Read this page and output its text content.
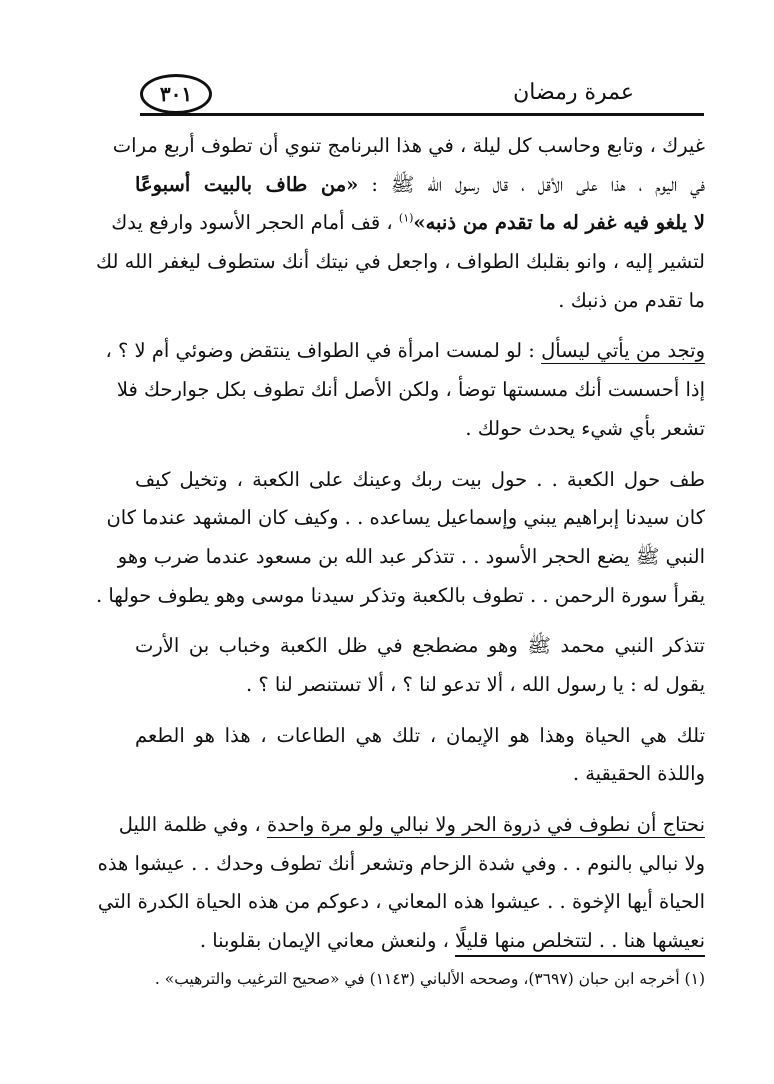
عمرة رمضان
٣٠١
غيرك ، وتابع وحاسب كل ليلة ، في هذا البرنامج تنوي أن تطوف أربع مرات
في اليوم ، هذا على الأقل ، قال رسول الله ﷺ : «من طاف بالبيت أسبوعًا
لا يلغو فيه غفر له ما تقدم من ذنبه»$^{(١)}$ ، قف أمام الحجر الأسود وارفع يدك
لتشير إليه ، وانو بقلبك الطواف ، واجعل في نيتك أنك ستطوف ليغفر الله لك
ما تقدم من ذنبك .
وتجد من يأتي ليسأل : لو لمست امرأة في الطواف ينتقض وضوئي أم لا ؟ ،
إذا أحسست أنك مسستها توضأ ، ولكن الأصل أنك تطوف بكل جوارحك فلا
تشعر بأي شيء يحدث حولك .
طف حول الكعبة . . حول بيت ربك وعينك على الكعبة ، وتخيل كيف
كان سيدنا إبراهيم يبني وإسماعيل يساعده . . وكيف كان المشهد عندما كان
النبي ﷺ يضع الحجر الأسود . . تتذكر عبد الله بن مسعود عندما ضرب وهو
يقرأ سورة الرحمن . . تطوف بالكعبة وتذكر سيدنا موسى وهو يطوف حولها .
تتذكر النبي محمد ﷺ وهو مضطجع في ظل الكعبة وخباب بن الأرت
يقول له : يا رسول الله ، ألا تدعو لنا ؟ ، ألا تستنصر لنا ؟ .
تلك هي الحياة وهذا هو الإيمان ، تلك هي الطاعات ، هذا هو الطعم
واللذة الحقيقية .
نحتاج أن نطوف في ذروة الحر ولا نبالي ولو مرة واحدة ، وفي ظلمة الليل
ولا نبالي بالنوم . . وفي شدة الزحام وتشعر أنك تطوف وحدك . . عيشوا هذه
الحياة أيها الإخوة . . عيشوا هذه المعاني ، دعوكم من هذه الحياة الكدرة التي
نعيشها هنا . . لتتخلص منها قليلًا ، ولنعش معاني الإيمان بقلوبنا .
(١) أخرجه ابن حبان (٣٦٩٧)، وصححه الألباني (١١٤٣) في «صحيح الترغيب والترهيب» .
